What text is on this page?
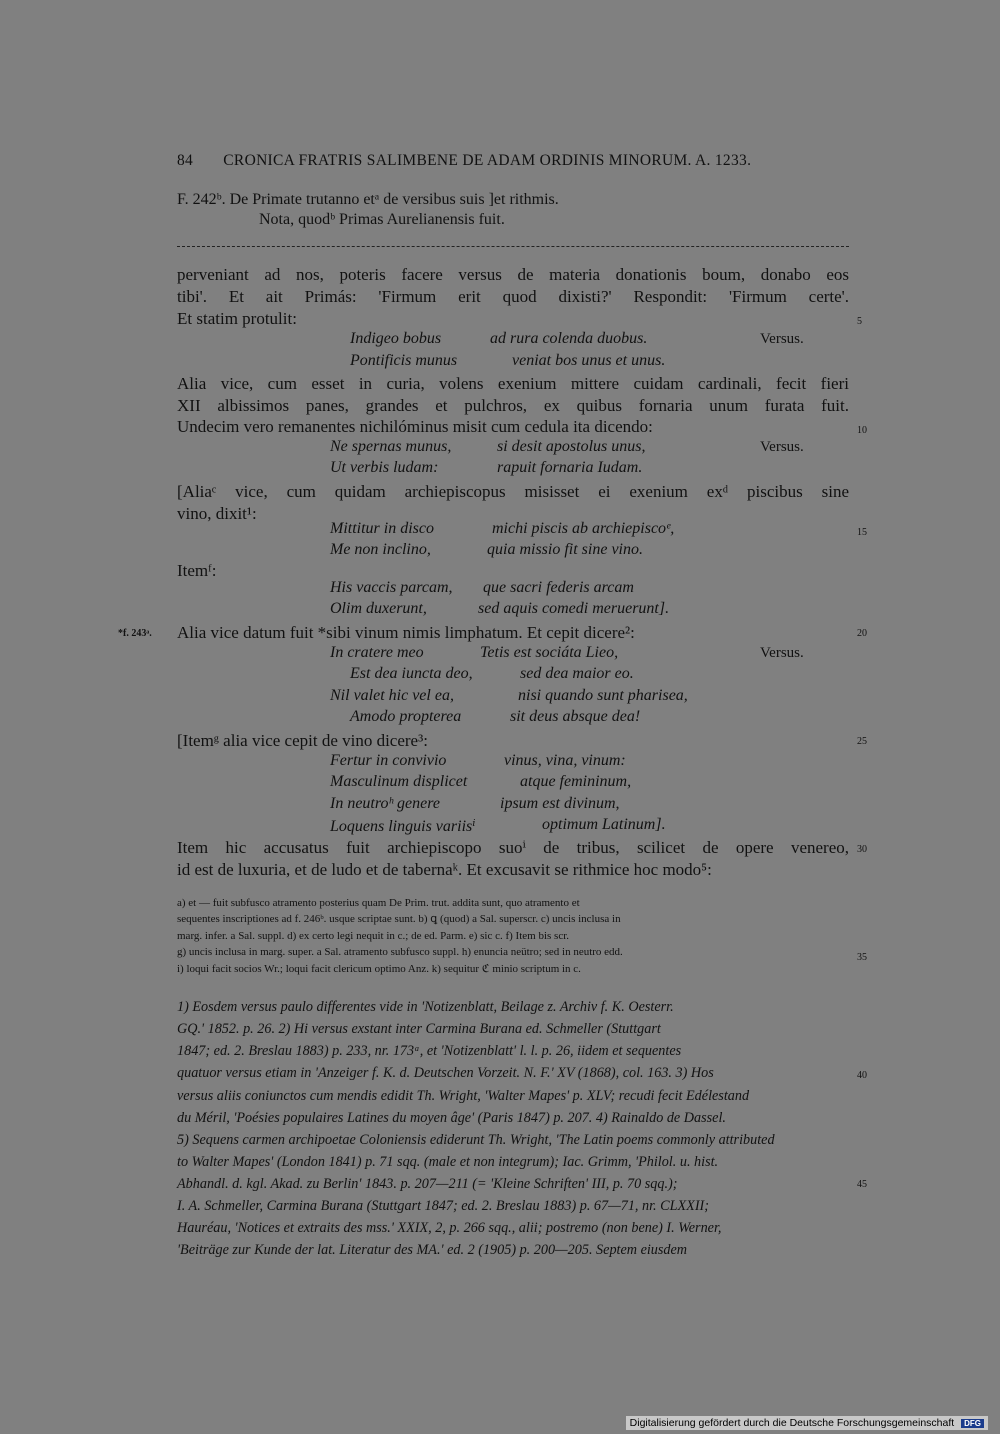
84 CRONICA FRATRIS SALIMBENE DE ADAM ORDINIS MINORUM. A. 1233.
F. 242ᵇ. De Primate trutanno etᵃ de versibus suis ]et rithmis.
Nota, quodᵇ Primas Aurelianensis fuit.
perveniant ad nos, poteris facere versus de materia donationis boum, donabo eos
tibi'. Et ait Primás: 'Firmum erit quod dixisti?' Respondit: 'Firmum certe'.
Et statim protulit:
Alia vice, cum esset in curia, volens exenium mittere cuidam cardinali, fecit fieri
XII albissimos panes, grandes et pulchros, ex quibus fornaria unum furata fuit.
Undecim vero remanentes nichilóminus misit cum cedula ita dicendo:
[Aliaᶜ vice, cum quidam archiepiscopus misisset ei exenium exᵈ piscibus sine
vino, dixit¹:
Itemᶠ:
Alia vice datum fuit *sibi vinum nimis limphatum. Et cepit dicere²:
[Itemᵍ alia vice cepit de vino dicere³:
Item hic accusatus fuit archiepiscopo suoⁱ de tribus, scilicet de opere venereo,
id est de luxuria, et de ludo et de tabernaᵏ. Et excusavit se rithmice hoc modo⁵:
Indigeo bobus	ad rura colenda duobus.	Versus.
Pontificis munus	veniat bos unus et unus.
Ne spernas munus,	si desit apostolus unus,	Versus.
Ut verbis ludam:	rapuit fornaria Iudam.
Mittitur in disco	michi piscis ab archiepiscoᵉ,
Me non inclino,	quia missio fit sine vino.
His vaccis parcam, que sacri federis arcam
Olim duxerunt,	sed aquis comedi meruerunt].
In cratere meo	Tetis est sociáta Lieo,	Versus.
Est dea iuncta deo,	sed dea maior eo.
Nil valet hic vel ea,	nisi quando sunt pharisea,
Amodo propterea	sit deus absque dea!
Fertur in convivio	vinus, vina, vinum:
Masculinum displicet	atque femininum,
In neutroʰ genere	ipsum est divinum,
Loquens linguis variisⁱ	optimum Latinum].
5
10
15
20
25
30
35
40
45
*f. 243ᵃ.
a) et — fuit subfusco atramento posterius quam De Prim. trut. addita sunt, quo atramento et
sequentes inscriptiones ad f. 246ᵇ. usque scriptae sunt. b) ꝗ (quod) a Sal. superscr. c) uncis inclusa in
marg. infer. a Sal. suppl. d) ex certo legi nequit in c.; de ed. Parm. e) sic c. f) Item bis scr.
g) uncis inclusa in marg. super. a Sal. atramento subfusco suppl. h) enuncia neütro; sed in neutro edd.
i) loqui facit socios Wr.; loqui facit clericum optimo Anz. k) sequitur ℭ minio scriptum in c.
1) Eosdem versus paulo differentes vide in 'Notizenblatt, Beilage z. Archiv f. K. Oesterr.
GQ.' 1852. p. 26. 2) Hi versus exstant inter Carmina Burana ed. Schmeller (Stuttgart
1847; ed. 2. Breslau 1883) p. 233, nr. 173ᵃ, et 'Notizenblatt' l. l. p. 26, iidem et sequentes
quatuor versus etiam in 'Anzeiger f. K. d. Deutschen Vorzeit. N. F.' XV (1868), col. 163. 3) Hos
versus aliis coniunctos cum mendis edidit Th. Wright, 'Walter Mapes' p. XLV; recudi fecit Edélestand
du Méril, 'Poésies populaires Latines du moyen âge' (Paris 1847) p. 207. 4) Rainaldo de Dassel.
5) Sequens carmen archipoetae Coloniensis ediderunt Th. Wright, 'The Latin poems commonly attributed
to Walter Mapes' (London 1841) p. 71 sqq. (male et non integrum); Iac. Grimm, 'Philol. u. hist.
Abhandl. d. kgl. Akad. zu Berlin' 1843. p. 207—211 (= 'Kleine Schriften' III, p. 70 sqq.);
I. A. Schmeller, Carmina Burana (Stuttgart 1847; ed. 2. Breslau 1883) p. 67—71, nr. CLXXII;
Hauréau, 'Notices et extraits des mss.' XXIX, 2, p. 266 sqq., alii; postremo (non bene) I. Werner,
'Beiträge zur Kunde der lat. Literatur des MA.' ed. 2 (1905) p. 200—205. Septem eiusdem
Digitalisierung gefördert durch die Deutsche Forschungsgemeinschaft DFG
